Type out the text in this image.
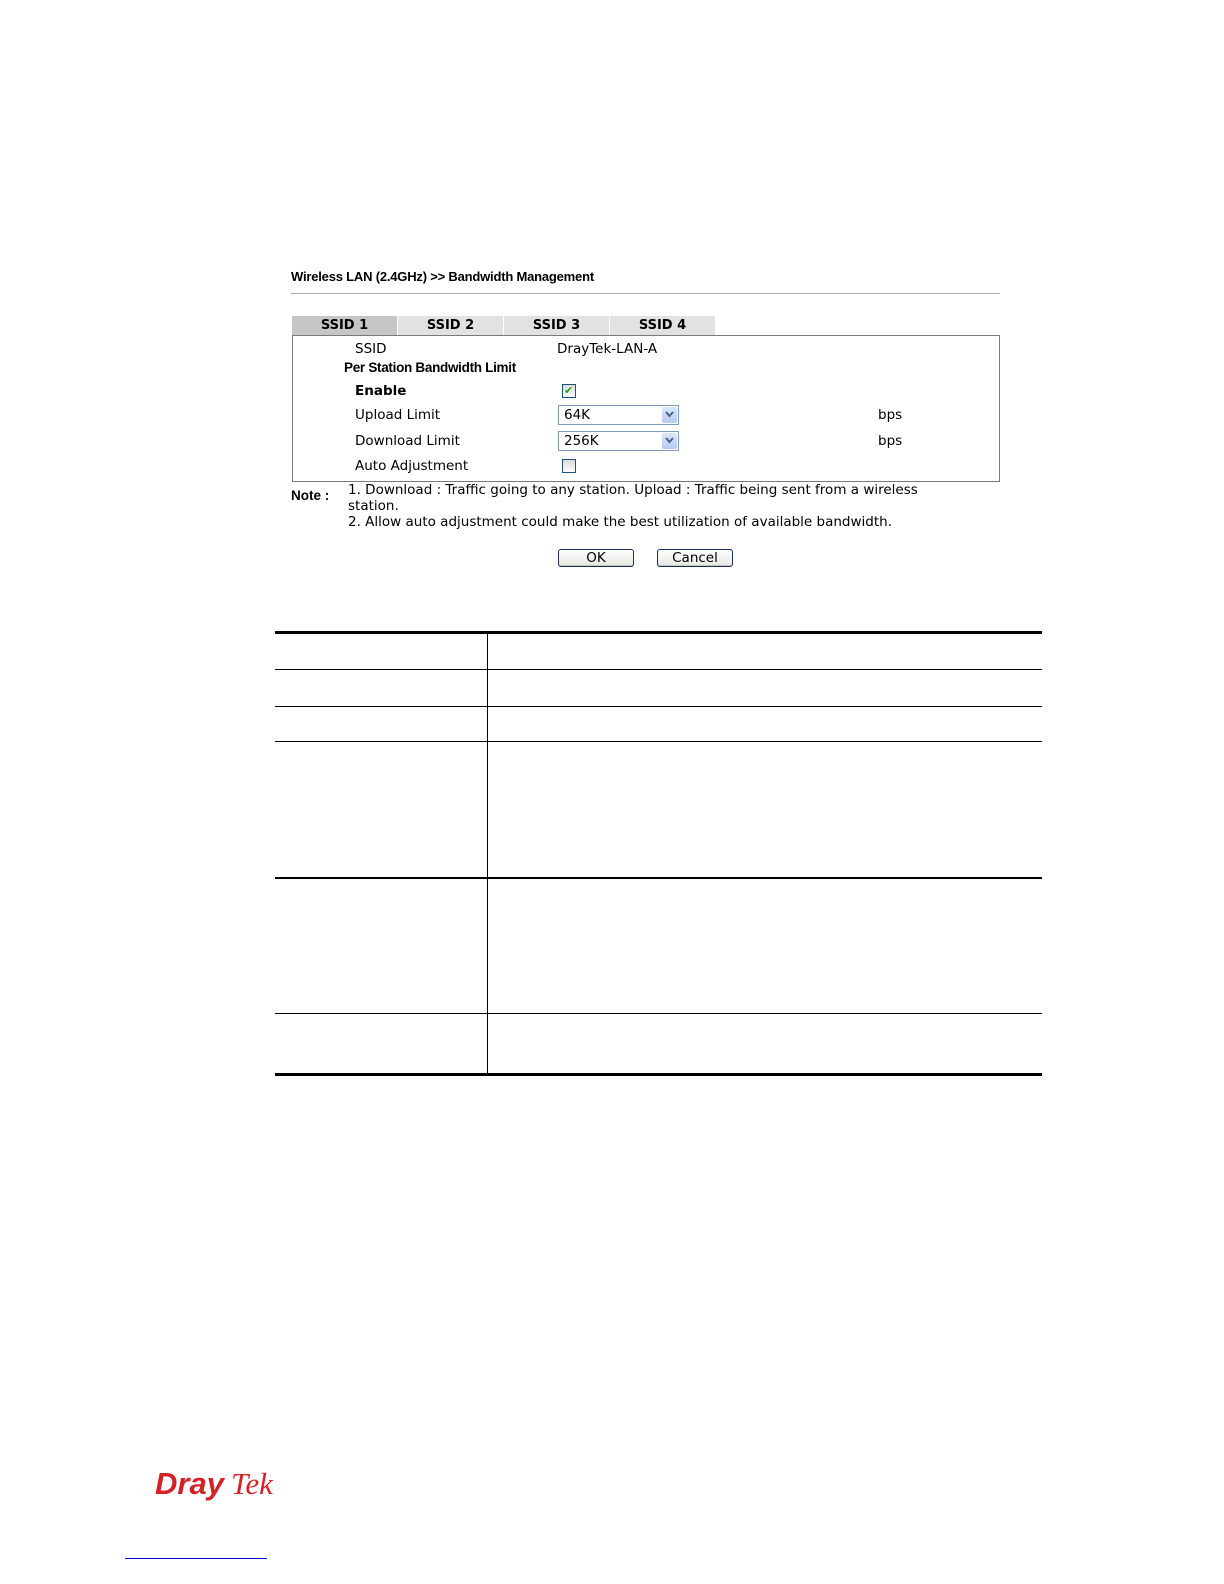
Wireless LAN (2.4GHz) >> Bandwidth Management
SSID 1	SSID 2	SSID 3	SSID 4
SSID	DrayTek-LAN-A
Per Station Bandwidth Limit
Enable	✔
Upload Limit	64K	bps
Download Limit	256K	bps
Auto Adjustment
Note : 1. Download : Traffic going to any station. Upload : Traffic being sent from a wireless
station.
2. Allow auto adjustment could make the best utilization of available bandwidth.
OK	Cancel
Dray Tek
